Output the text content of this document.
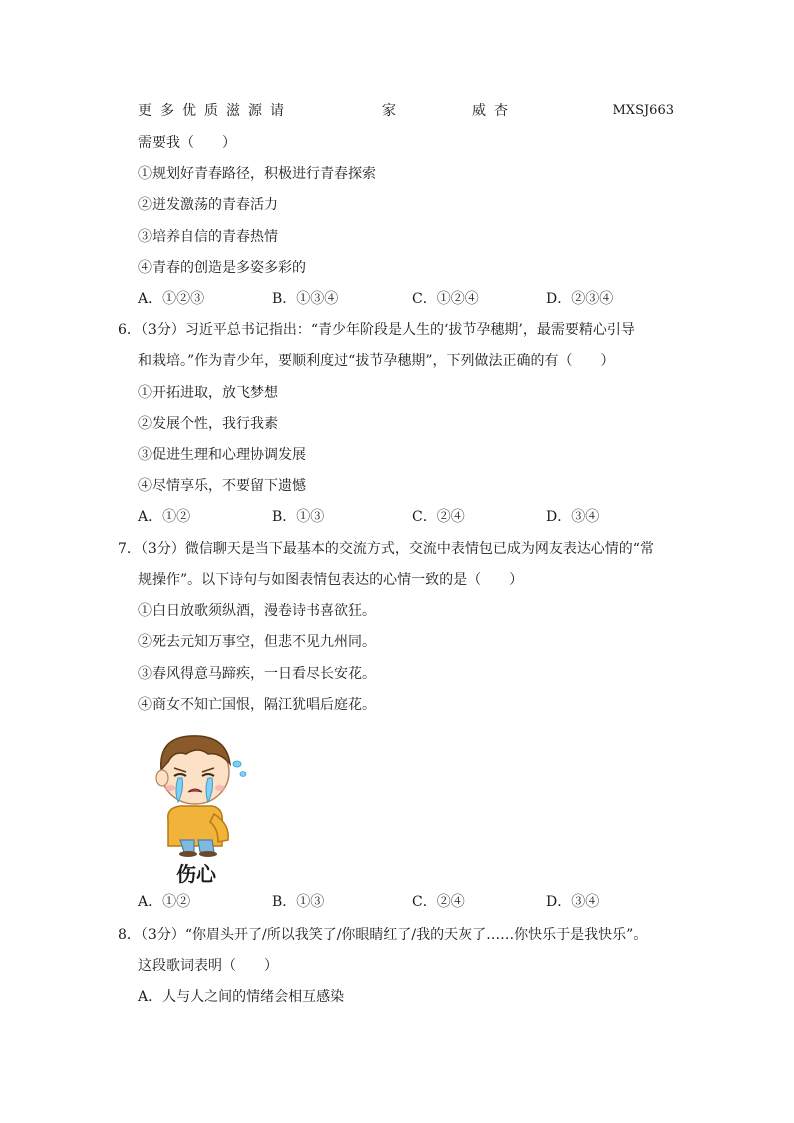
更多优质滋源请	家	威杏	MXSJ663
需要我（　　）
①规划好青春路径，积极进行青春探索
②迸发激荡的青春活力
③培养自信的青春热情
④青春的创造是多姿多彩的
A．①②③	B．①③④	C．①②④	D．②③④
6．（3分）习近平总书记指出：“青少年阶段是人生的‘拔节孕穗期’，最需要精心引导
和栽培。”作为青少年，要顺利度过“拔节孕穗期”，下列做法正确的有（　　）
①开拓进取，放飞梦想
②发展个性，我行我素
③促进生理和心理协调发展
④尽情享乐，不要留下遗憾
A．①②	B．①③	C．②④	D．③④
7．（3分）微信聊天是当下最基本的交流方式，交流中表情包已成为网友表达心情的“常
规操作”。以下诗句与如图表情包表达的心情一致的是（　　）
①白日放歌须纵酒，漫卷诗书喜欲狂。
②死去元知万事空，但悲不见九州同。
③春风得意马蹄疾，一日看尽长安花。
④商女不知亡国恨，隔江犹唱后庭花。
伤心
A．①②	B．①③	C．②④	D．③④
8．（3分）“你眉头开了/所以我笑了/你眼睛红了/我的天灰了……你快乐于是我快乐”。
这段歌词表明（　　）
A．人与人之间的情绪会相互感染
